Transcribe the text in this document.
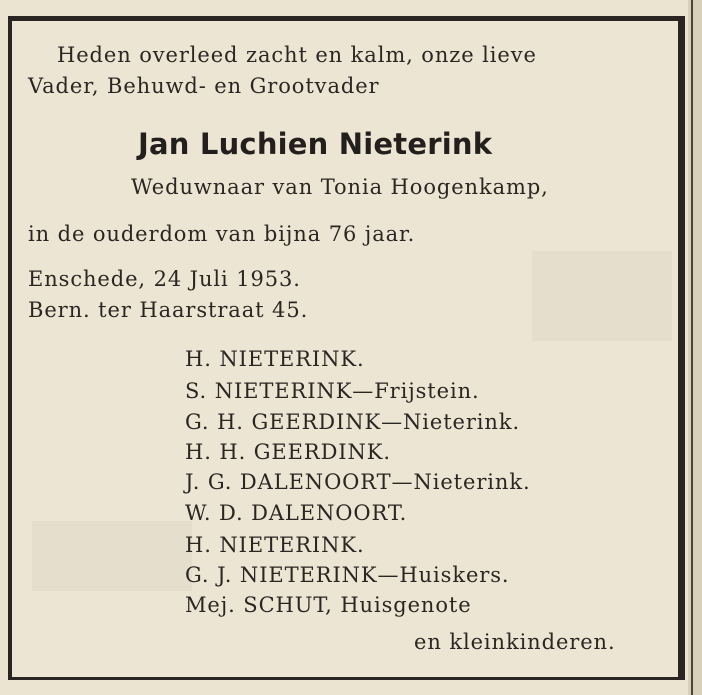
Heden overleed zacht en kalm, onze lieve
Vader, Behuwd- en Grootvader
Jan Luchien Nieterink
Weduwnaar van Tonia Hoogenkamp,
in de ouderdom van bijna 76 jaar.
Enschede, 24 Juli 1953.
Bern. ter Haarstraat 45.
H. NIETERINK.
S. NIETERINK—Frijstein.
G. H. GEERDINK—Nieterink.
H. H. GEERDINK.
J. G. DALENOORT—Nieterink.
W. D. DALENOORT.
H. NIETERINK.
G. J. NIETERINK—Huiskers.
Mej. SCHUT, Huisgenote
en kleinkinderen.
